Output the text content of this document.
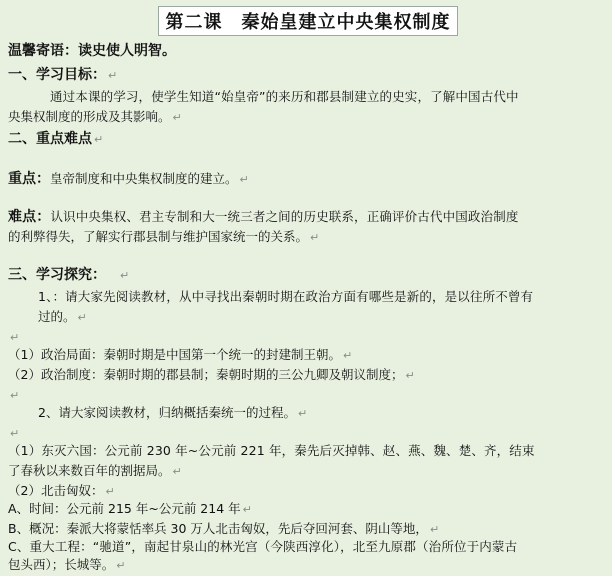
第二课　秦始皇建立中央集权制度
温馨寄语：读史使人明智。
一、学习目标： ↵
通过本课的学习，使学生知道“始皇帝”的来历和郡县制建立的史实，了解中国古代中
央集权制度的形成及其影响。 ↵
二、重点难点 ↵
重点：皇帝制度和中央集权制度的建立。 ↵
难点：认识中央集权、君主专制和大一统三者之间的历史联系，正确评价古代中国政治制度
的利弊得失，了解实行郡县制与维护国家统一的关系。 ↵
三、学习探究： ↵
1、：请大家先阅读教材，从中寻找出秦朝时期在政治方面有哪些是新的，是以往所不曾有
过的。 ↵
↵
（1）政治局面：秦朝时期是中国第一个统一的封建制王朝。 ↵
（2）政治制度：秦朝时期的郡县制；秦朝时期的三公九卿及朝议制度； ↵
↵
2、请大家阅读教材，归纳概括秦统一的过程。 ↵
↵
（1）东灭六国：公元前 230 年~公元前 221 年，秦先后灭掉韩、赵、燕、魏、楚、齐，结束
了春秋以来数百年的割据局。 ↵
（2）北击匈奴： ↵
A、时间：公元前 215 年~公元前 214 年 ↵
B、概况：秦派大将蒙恬率兵 30 万人北击匈奴，先后夺回河套、阴山等地， ↵
C、重大工程：“驰道”，南起甘泉山的林光宫（今陕西淳化），北至九原郡（治所位于内蒙古
包头西）；长城等。 ↵
